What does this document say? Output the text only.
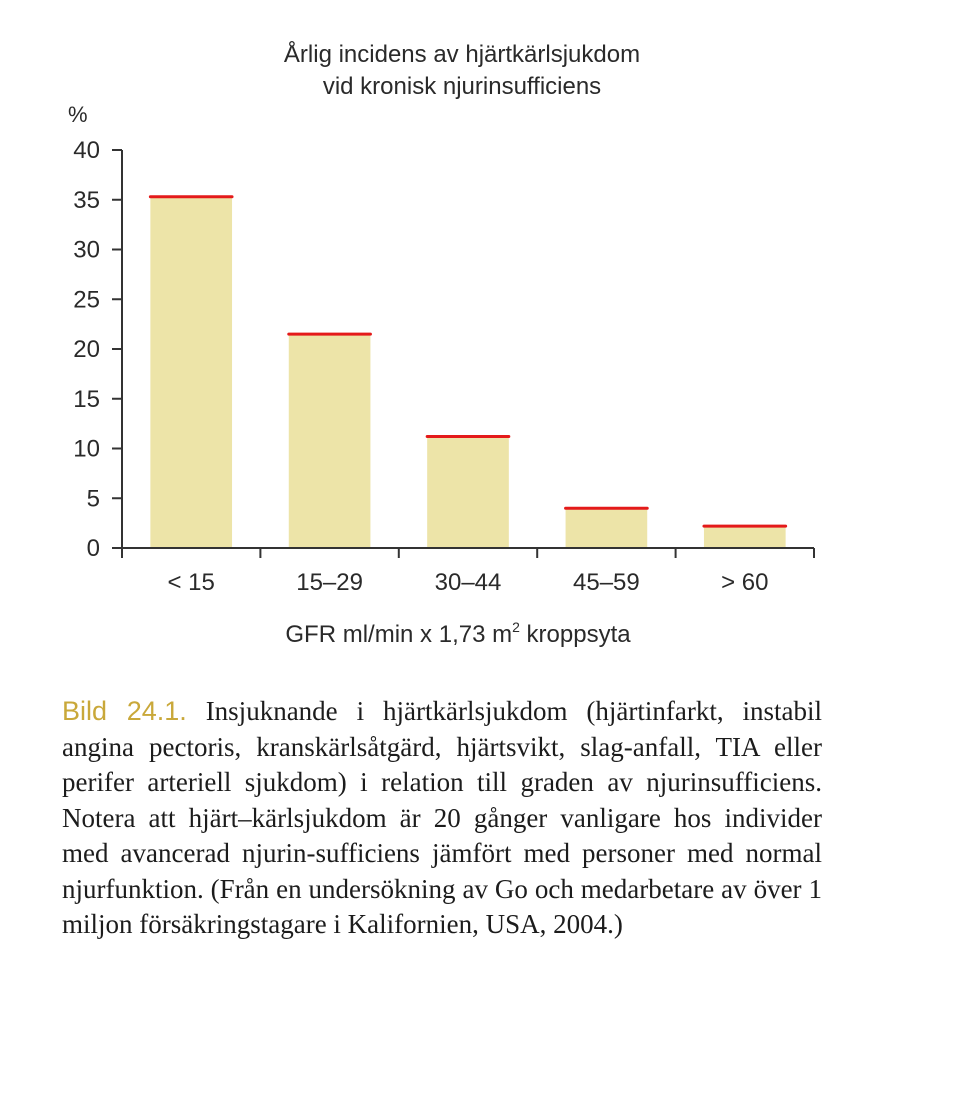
Årlig incidens av hjärtkärlsjukdom
vid kronisk njurinsufficiens
%
0
5
10
15
20
25
30
35
40
< 15	15–29	30–44	45–59	> 60
GFR ml/min x 1,73 $m^2$ kroppsyta

Bild 24.1. Insjuknande i hjärtkärlsjukdom (hjärtinfarkt, instabil angina pectoris, kranskärlsåtgärd, hjärtsvikt, slag-anfall, TIA eller perifer arteriell sjukdom) i relation till graden av njurinsufficiens. Notera att hjärt–kärlsjukdom är 20 gånger vanligare hos individer med avancerad njurin-sufficiens jämfört med personer med normal njurfunktion. (Från en undersökning av Go och medarbetare av över 1 miljon försäkringstagare i Kalifornien, USA, 2004.)
